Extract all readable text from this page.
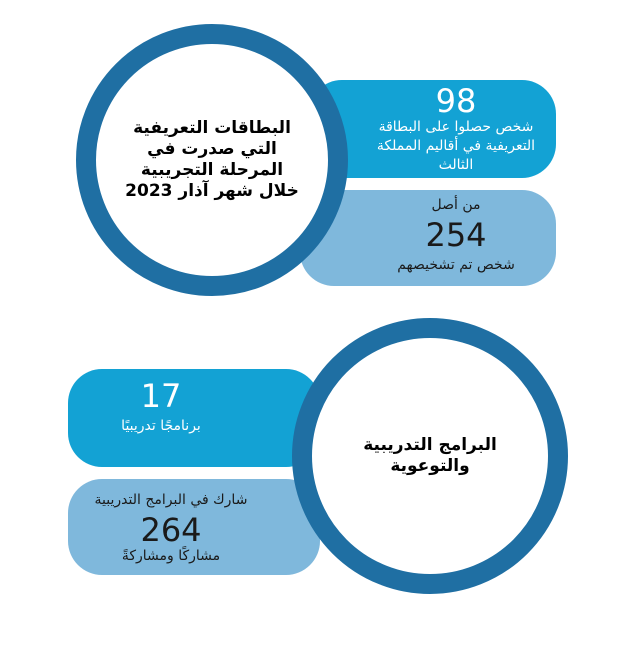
98
شخص حصلوا على البطاقة التعريفية في أقاليم المملكة الثالث
من أصل
254
شخص تم تشخيصهم
البطاقات التعريفية التي صدرت في المرحلة التجريبية خلال شهر آذار 2023
17
برنامجًا تدريبيًا
شارك في البرامج التدريبية
264
مشاركًا ومشاركةً
البرامج التدريبية والتوعوية
